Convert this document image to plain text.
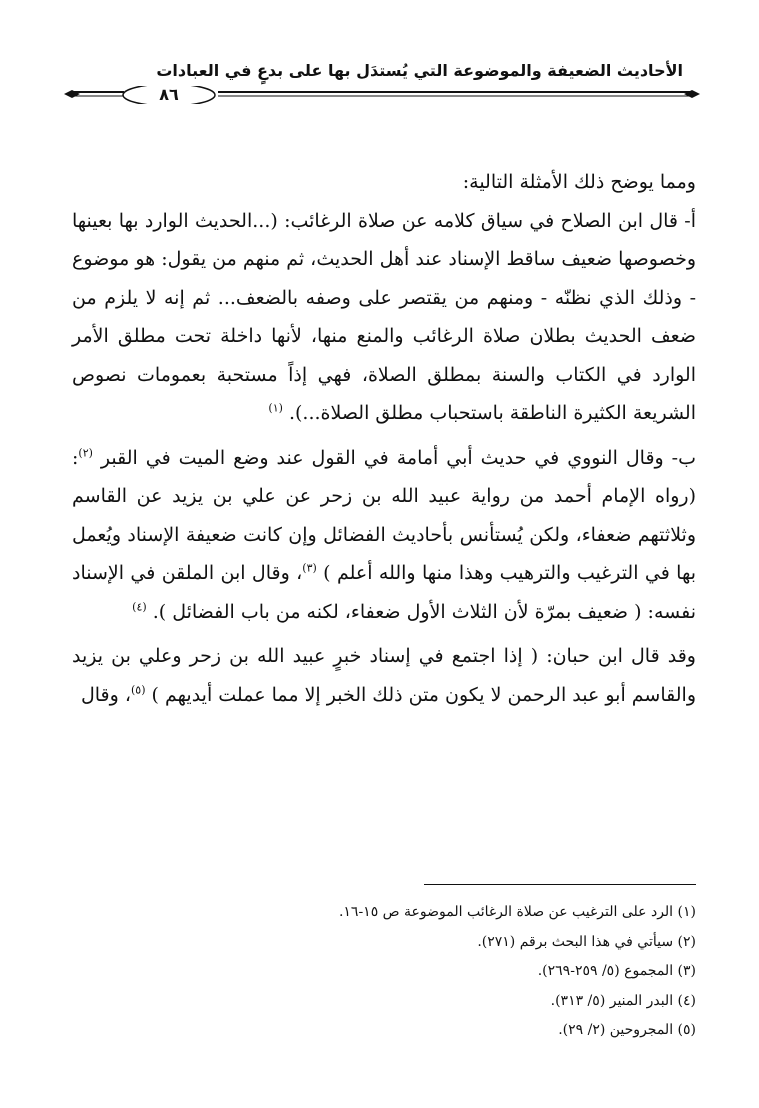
الأحاديث الضعيفة والموضوعة التي يُستدَل بها على بدعٍ في العبادات
٨٦

ومما يوضح ذلك الأمثلة التالية:

أ- قال ابن الصلاح في سياق كلامه عن صلاة الرغائب: (...الحديث الوارد بها بعينها وخصوصها ضعيف ساقط الإسناد عند أهل الحديث، ثم منهم من يقول: هو موضوع - وذلك الذي نظنّه - ومنهم من يقتصر على وصفه بالضعف... ثم إنه لا يلزم من ضعف الحديث بطلان صلاة الرغائب والمنع منها، لأنها داخلة تحت مطلق الأمر الوارد في الكتاب والسنة بمطلق الصلاة، فهي إذاً مستحبة بعمومات نصوص الشريعة الكثيرة الناطقة باستحباب مطلق الصلاة...). $^{(١)}$

ب- وقال النووي في حديث أبي أمامة في القول عند وضع الميت في القبر $^{(٢)}$: (رواه الإمام أحمد من رواية عبيد الله بن زحر عن علي بن يزيد عن القاسم وثلاثتهم ضعفاء، ولكن يُستأنس بأحاديث الفضائل وإن كانت ضعيفة الإسناد ويُعمل بها في الترغيب والترهيب وهذا منها والله أعلم ) $^{(٣)}$، وقال ابن الملقن في الإسناد نفسه: ( ضعيف بمرّة لأن الثلاث الأول ضعفاء، لكنه من باب الفضائل ). $^{(٤)}$

وقد قال ابن حبان: ( إذا اجتمع في إسناد خبرٍ عبيد الله بن زحر وعلي بن يزيد والقاسم أبو عبد الرحمن لا يكون متن ذلك الخبر إلا مما عملت أيديهم ) $^{(٥)}$، وقال

(١) الرد على الترغيب عن صلاة الرغائب الموضوعة ص ١٥-١٦.
(٢) سيأتي في هذا البحث برقم (٢٧١).
(٣) المجموع (٥/ ٢٥٩-٢٦٩).
(٤) البدر المنير (٥/ ٣١٣).
(٥) المجروحين (٢/ ٢٩).
